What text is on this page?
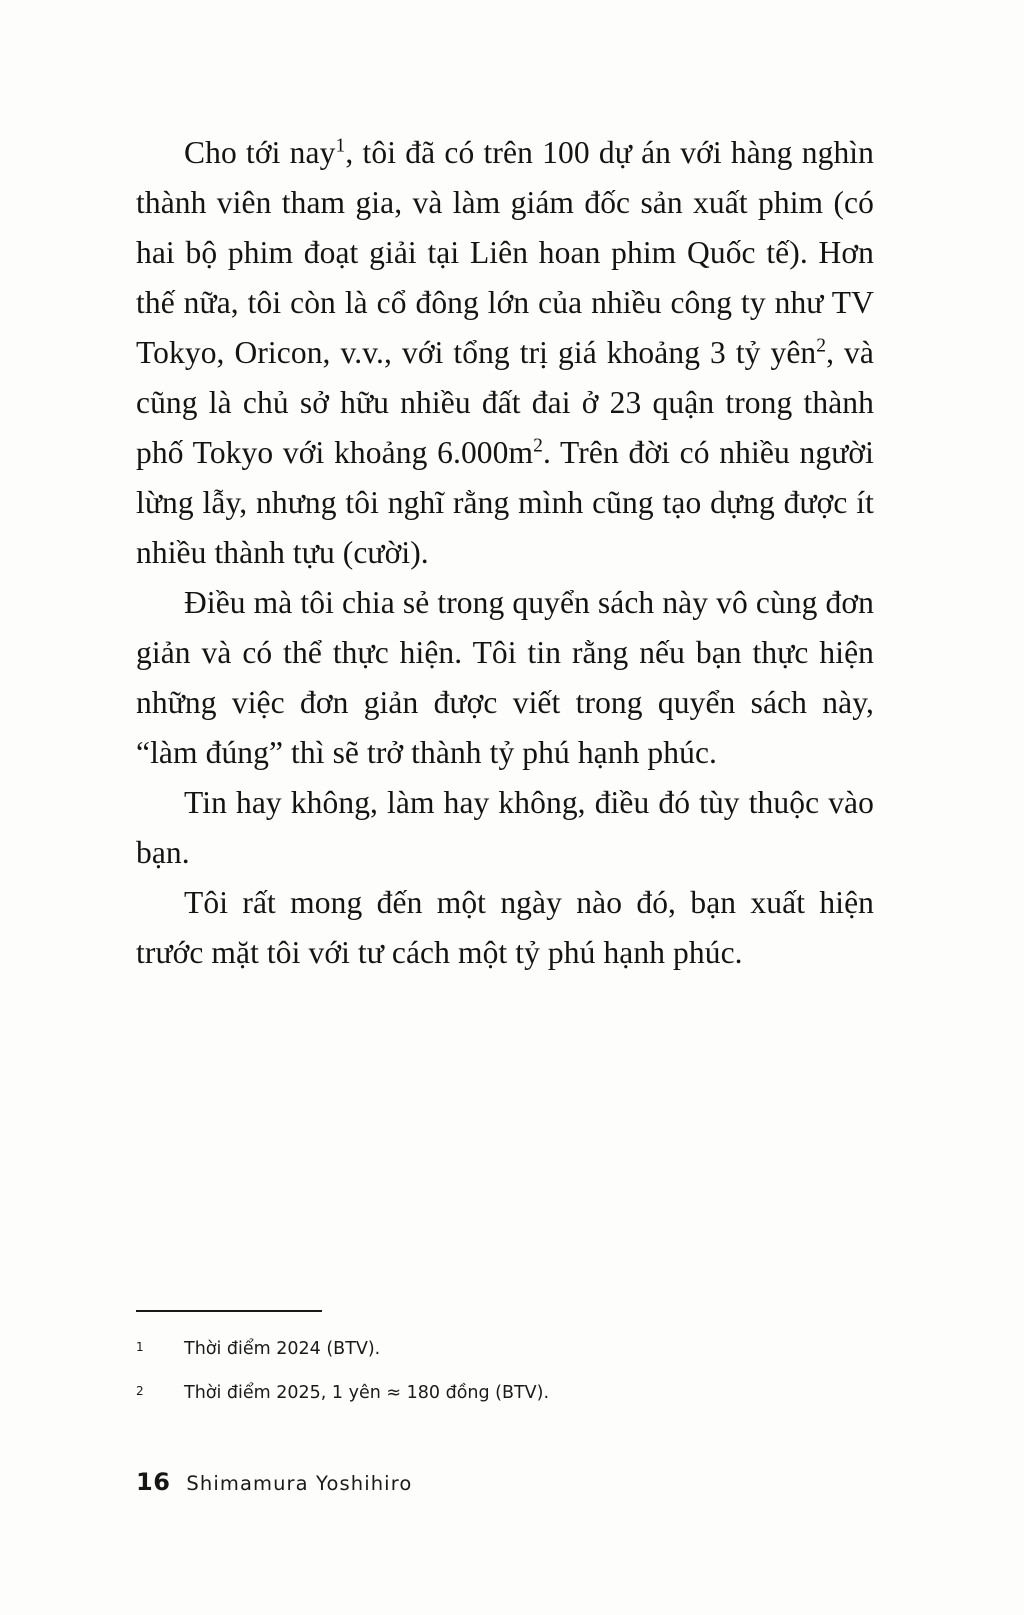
Cho tới nay$^1$, tôi đã có trên 100 dự án với hàng nghìn thành viên tham gia, và làm giám đốc sản xuất phim (có hai bộ phim đoạt giải tại Liên hoan phim Quốc tế). Hơn thế nữa, tôi còn là cổ đông lớn của nhiều công ty như TV Tokyo, Oricon, v.v., với tổng trị giá khoảng 3 tỷ yên$^2$, và cũng là chủ sở hữu nhiều đất đai ở 23 quận trong thành phố Tokyo với khoảng $6.000m^2$. Trên đời có nhiều người lừng lẫy, nhưng tôi nghĩ rằng mình cũng tạo dựng được ít nhiều thành tựu (cười).

Điều mà tôi chia sẻ trong quyển sách này vô cùng đơn giản và có thể thực hiện. Tôi tin rằng nếu bạn thực hiện những việc đơn giản được viết trong quyển sách này, “làm đúng” thì sẽ trở thành tỷ phú hạnh phúc.

Tin hay không, làm hay không, điều đó tùy thuộc vào bạn.

Tôi rất mong đến một ngày nào đó, bạn xuất hiện trước mặt tôi với tư cách một tỷ phú hạnh phúc.

1	Thời điểm 2024 (BTV).
2	Thời điểm 2025, 1 yên ≈ 180 đồng (BTV).
16 Shimamura Yoshihiro
